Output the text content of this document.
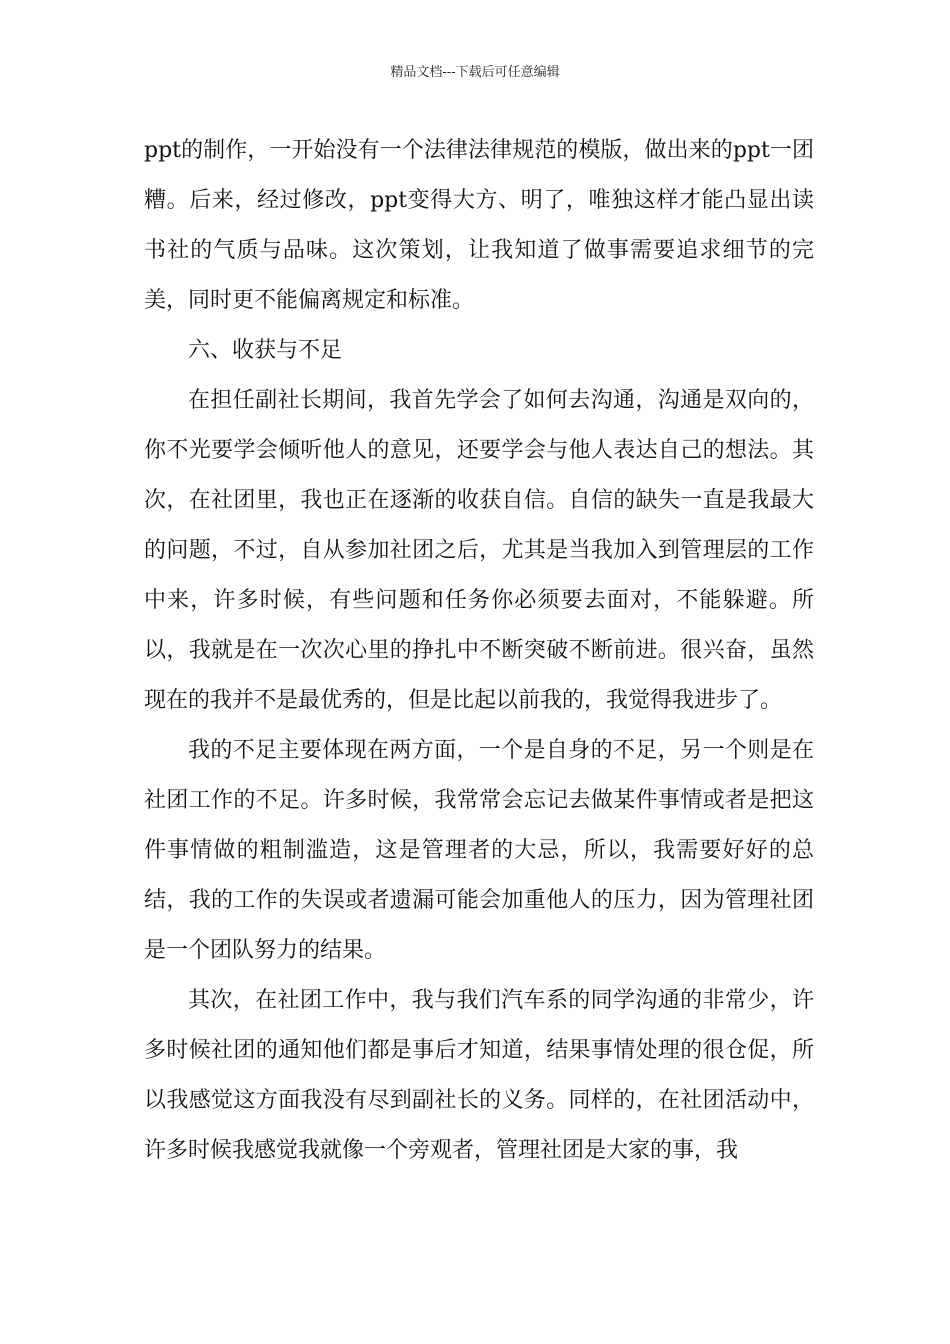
精品文档---下载后可任意编辑

ppt的制作，一开始没有一个法律法律规范的模版，做出来的ppt一团糟。后来，经过修改，ppt变得大方、明了，唯独这样才能凸显出读书社的气质与品味。这次策划，让我知道了做事需要追求细节的完美，同时更不能偏离规定和标准。

六、收获与不足

在担任副社长期间，我首先学会了如何去沟通，沟通是双向的，你不光要学会倾听他人的意见，还要学会与他人表达自己的想法。其次，在社团里，我也正在逐渐的收获自信。自信的缺失一直是我最大的问题，不过，自从参加社团之后，尤其是当我加入到管理层的工作中来，许多时候，有些问题和任务你必须要去面对，不能躲避。所以，我就是在一次次心里的挣扎中不断突破不断前进。很兴奋，虽然现在的我并不是最优秀的，但是比起以前我的，我觉得我进步了。

我的不足主要体现在两方面，一个是自身的不足，另一个则是在社团工作的不足。许多时候，我常常会忘记去做某件事情或者是把这件事情做的粗制滥造，这是管理者的大忌，所以，我需要好好的总结，我的工作的失误或者遗漏可能会加重他人的压力，因为管理社团是一个团队努力的结果。

其次，在社团工作中，我与我们汽车系的同学沟通的非常少，许多时候社团的通知他们都是事后才知道，结果事情处理的很仓促，所以我感觉这方面我没有尽到副社长的义务。同样的，在社团活动中，许多时候我感觉我就像一个旁观者，管理社团是大家的事，我
